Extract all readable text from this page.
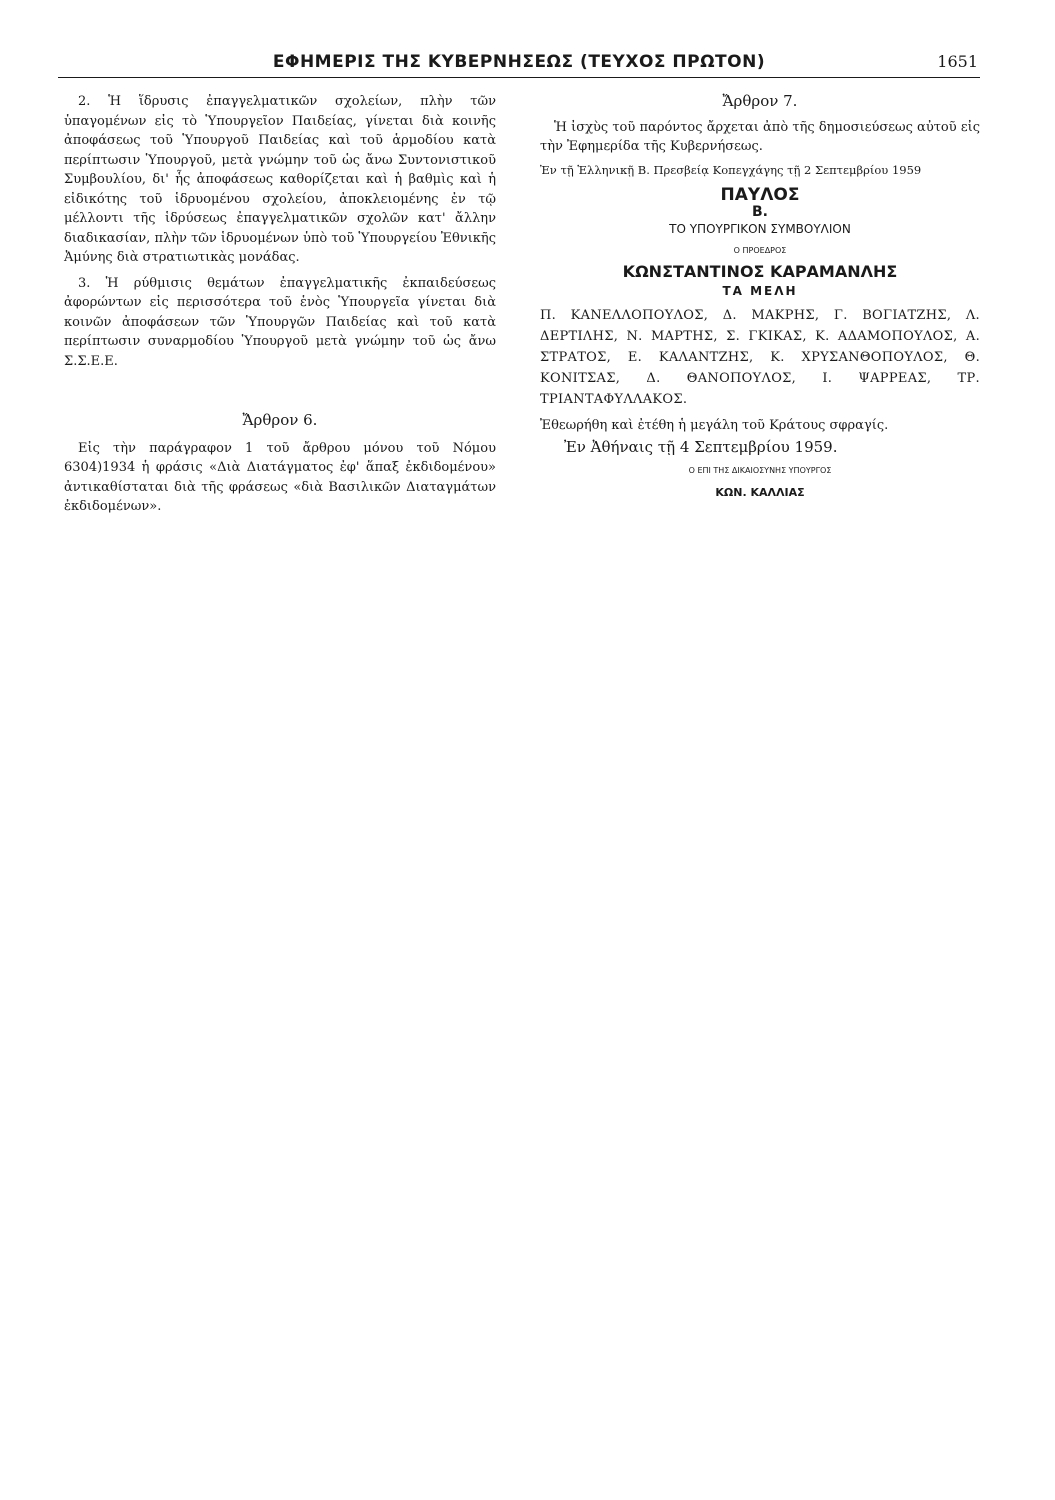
ΕΦΗΜΕΡΙΣ ΤΗΣ ΚΥΒΕΡΝΗΣΕΩΣ (ΤΕΥΧΟΣ ΠΡΩΤΟΝ)	1651

2. Ἡ ἵδρυσις ἐπαγγελματικῶν σχολείων, πλὴν τῶν ὑπαγομένων εἰς τὸ Ὑπουργεῖον Παιδείας, γίνεται διὰ κοινῆς ἀποφάσεως τοῦ Ὑπουργοῦ Παιδείας καὶ τοῦ ἁρμοδίου κατὰ περίπτωσιν Ὑπουργοῦ, μετὰ γνώμην τοῦ ὡς ἄνω Συντονιστικοῦ Συμβουλίου, δι' ἧς ἀποφάσεως καθορίζεται καὶ ἡ βαθμὶς καὶ ἡ εἰδικότης τοῦ ἱδρυομένου σχολείου, ἀποκλειομένης ἐν τῷ μέλλοντι τῆς ἱδρύσεως ἐπαγγελματικῶν σχολῶν κατ' ἄλλην διαδικασίαν, πλὴν τῶν ἱδρυομένων ὑπὸ τοῦ Ὑπουργείου Ἐθνικῆς Ἀμύνης διὰ στρατιωτικὰς μονάδας.

3. Ἡ ρύθμισις θεμάτων ἐπαγγελματικῆς ἐκπαιδεύσεως ἀφορώντων εἰς περισσότερα τοῦ ἑνὸς Ὑπουργεῖα γίνεται διὰ κοινῶν ἀποφάσεων τῶν Ὑπουργῶν Παιδείας καὶ τοῦ κατὰ περίπτωσιν συναρμοδίου Ὑπουργοῦ μετὰ γνώμην τοῦ ὡς ἄνω Σ.Σ.Ε.Ε.

Ἄρθρον 6.

Εἰς τὴν παράγραφον 1 τοῦ ἄρθρου μόνου τοῦ Νόμου 6304)1934 ἡ φράσις «Διὰ Διατάγματος ἐφ' ἅπαξ ἐκδιδομένου» ἀντικαθίσταται διὰ τῆς φράσεως «διὰ Βασιλικῶν Διαταγμάτων ἐκδιδομένων».

Ἄρθρον 7.

Ἡ ἰσχὺς τοῦ παρόντος ἄρχεται ἀπὸ τῆς δημοσιεύσεως αὐτοῦ εἰς τὴν Ἐφημερίδα τῆς Κυβερνήσεως.

Ἐν τῇ Ἑλληνικῇ Β. Πρεσβείᾳ Κοπεγχάγης τῇ 2 Σεπτεμβρίου 1959

ΠΑΥΛΟΣ

Β.

ΤΟ ΥΠΟΥΡΓΙΚΟΝ ΣΥΜΒΟΥΛΙΟΝ

Ο ΠΡΟΕΔΡΟΣ

ΚΩΝΣΤΑΝΤΙΝΟΣ ΚΑΡΑΜΑΝΛΗΣ

ΤΑ ΜΕΛΗ

Π. ΚΑΝΕΛΛΟΠΟΥΛΟΣ, Δ. ΜΑΚΡΗΣ, Γ. ΒΟΓΙΑΤΖΗΣ, Λ. ΔΕΡΤΙΛΗΣ, Ν. ΜΑΡΤΗΣ, Σ. ΓΚΙΚΑΣ, Κ. ΑΔΑΜΟΠΟΥΛΟΣ, Α. ΣΤΡΑΤΟΣ, Ε. ΚΑΛΑΝΤΖΗΣ, Κ. ΧΡΥΣΑΝΘΟΠΟΥΛΟΣ, Θ. ΚΟΝΙΤΣΑΣ, Δ. ΘΑΝΟΠΟΥΛΟΣ, Ι. ΨΑΡΡΕΑΣ, ΤΡ. ΤΡΙΑΝΤΑΦΥΛΛΑΚΟΣ.

Ἐθεωρήθη καὶ ἐτέθη ἡ μεγάλη τοῦ Κράτους σφραγίς.

Ἐν Ἀθήναις τῇ 4 Σεπτεμβρίου 1959.

Ο ΕΠΙ ΤΗΣ ΔΙΚΑΙΟΣΥΝΗΣ ΥΠΟΥΡΓΟΣ

ΚΩΝ. ΚΑΛΛΙΑΣ
